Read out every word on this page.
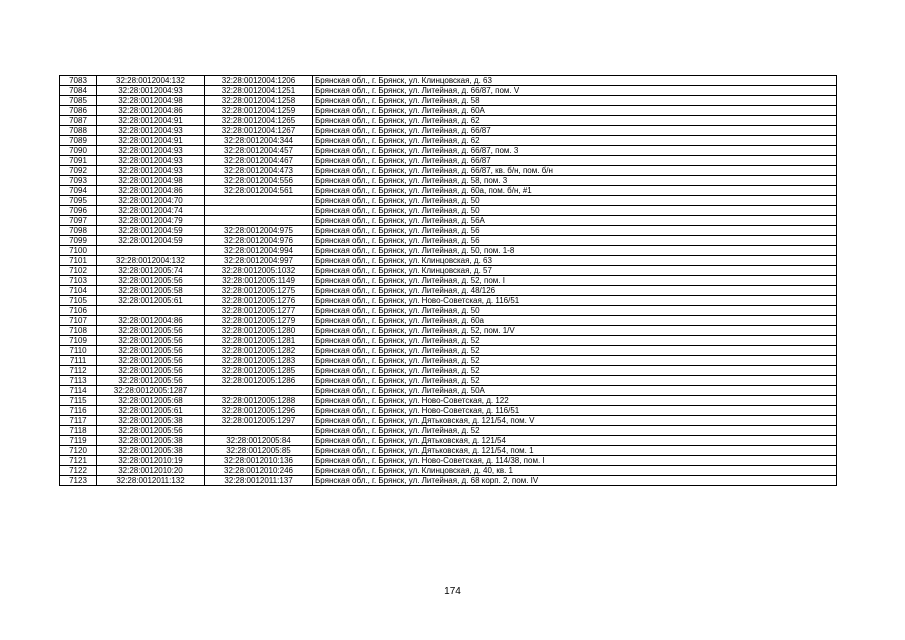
7083	32:28:0012004:132	32:28:0012004:1206	Брянская обл., г. Брянск, ул. Клинцовская, д. 63
7084	32:28:0012004:93	32:28:0012004:1251	Брянская обл., г. Брянск, ул. Литейная, д. 66/87, пом. V
7085	32:28:0012004:98	32:28:0012004:1258	Брянская обл., г. Брянск, ул. Литейная, д. 58
7086	32:28:0012004:86	32:28:0012004:1259	Брянская обл., г. Брянск, ул. Литейная, д. 60А
7087	32:28:0012004:91	32:28:0012004:1265	Брянская обл., г. Брянск, ул. Литейная, д. 62
7088	32:28:0012004:93	32:28:0012004:1267	Брянская обл., г. Брянск, ул. Литейная, д. 66/87
7089	32:28:0012004:91	32:28:0012004:344	Брянская обл., г. Брянск, ул. Литейная, д. 62
7090	32:28:0012004:93	32:28:0012004:457	Брянская обл., г. Брянск, ул. Литейная, д. 66/87, пом. 3
7091	32:28:0012004:93	32:28:0012004:467	Брянская обл., г. Брянск, ул. Литейная, д. 66/87
7092	32:28:0012004:93	32:28:0012004:473	Брянская обл., г. Брянск, ул. Литейная, д. 66/87, кв. б/н, пом. б/н
7093	32:28:0012004:98	32:28:0012004:556	Брянская обл., г. Брянск, ул. Литейная, д. 58, пом. 3
7094	32:28:0012004:86	32:28:0012004:561	Брянская обл., г. Брянск, ул. Литейная, д. 60а, пом. б/н, #1
7095	32:28:0012004:70		Брянская обл., г. Брянск, ул. Литейная, д. 50
7096	32:28:0012004:74		Брянская обл., г. Брянск, ул. Литейная, д. 50
7097	32:28:0012004:79		Брянская обл., г. Брянск, ул. Литейная, д. 56А
7098	32:28:0012004:59	32:28:0012004:975	Брянская обл., г. Брянск, ул. Литейная, д. 56
7099	32:28:0012004:59	32:28:0012004:976	Брянская обл., г. Брянск, ул. Литейная, д. 56
7100		32:28:0012004:994	Брянская обл., г. Брянск, ул. Литейная, д. 50, пом. 1-8
7101	32:28:0012004:132	32:28:0012004:997	Брянская обл., г. Брянск, ул. Клинцовская, д. 63
7102	32:28:0012005:74	32:28:0012005:1032	Брянская обл., г. Брянск, ул. Клинцовская, д. 57
7103	32:28:0012005:56	32:28:0012005:1149	Брянская обл., г. Брянск, ул. Литейная, д. 52, пом. I
7104	32:28:0012005:58	32:28:0012005:1275	Брянская обл., г. Брянск, ул. Литейная, д. 48/126
7105	32:28:0012005:61	32:28:0012005:1276	Брянская обл., г. Брянск, ул. Ново-Советская, д. 116/51
7106		32:28:0012005:1277	Брянская обл., г. Брянск, ул. Литейная, д. 50
7107	32:28:0012004:86	32:28:0012005:1279	Брянская обл., г. Брянск, ул. Литейная, д. 60а
7108	32:28:0012005:56	32:28:0012005:1280	Брянская обл., г. Брянск, ул. Литейная, д. 52, пом. 1/V
7109	32:28:0012005:56	32:28:0012005:1281	Брянская обл., г. Брянск, ул. Литейная, д. 52
7110	32:28:0012005:56	32:28:0012005:1282	Брянская обл., г. Брянск, ул. Литейная, д. 52
7111	32:28:0012005:56	32:28:0012005:1283	Брянская обл., г. Брянск, ул. Литейная, д. 52
7112	32:28:0012005:56	32:28:0012005:1285	Брянская обл., г. Брянск, ул. Литейная, д. 52
7113	32:28:0012005:56	32:28:0012005:1286	Брянская обл., г. Брянск, ул. Литейная, д. 52
7114	32:28:0012005:1287		Брянская обл., г. Брянск, ул. Литейная, д. 50А
7115	32:28:0012005:68	32:28:0012005:1288	Брянская обл., г. Брянск, ул. Ново-Советская, д. 122
7116	32:28:0012005:61	32:28:0012005:1296	Брянская обл., г. Брянск, ул. Ново-Советская, д. 116/51
7117	32:28:0012005:38	32:28:0012005:1297	Брянская обл., г. Брянск, ул. Дятьковская, д. 121/54, пом. V
7118	32:28:0012005:56		Брянская обл., г. Брянск, ул. Литейная, д. 52
7119	32:28:0012005:38	32:28:0012005:84	Брянская обл., г. Брянск, ул. Дятьковская, д. 121/54
7120	32:28:0012005:38	32:28:0012005:85	Брянская обл., г. Брянск, ул. Дятьковская, д. 121/54, пом. 1
7121	32:28:0012010:19	32:28:0012010:136	Брянская обл., г. Брянск, ул. Ново-Советская, д. 114/38, пом. I
7122	32:28:0012010:20	32:28:0012010:246	Брянская обл., г. Брянск, ул. Клинцовская, д. 40, кв. 1
7123	32:28:0012011:132	32:28:0012011:137	Брянская обл., г. Брянск, ул. Литейная, д. 68 корп. 2, пом. IV
174
